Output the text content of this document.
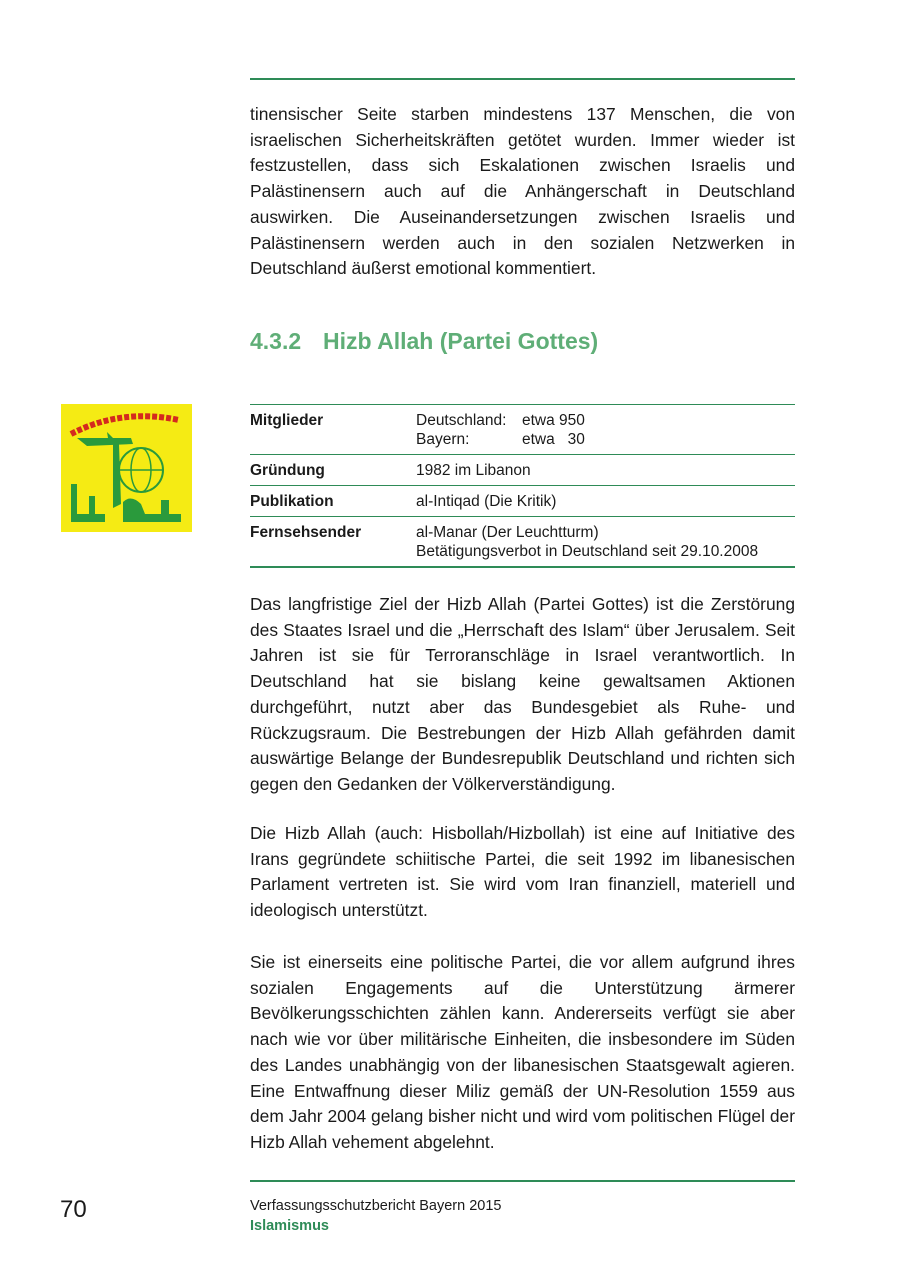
tinensischer Seite starben mindestens 137 Menschen, die von israelischen Sicherheitskräften getötet wurden. Immer wieder ist festzustellen, dass sich Eskalationen zwischen Israelis und Palästinensern auch auf die Anhängerschaft in Deutschland auswirken. Die Auseinandersetzungen zwischen Israelis und Palästinensern werden auch in den sozialen Netzwerken in Deutschland äußerst emotional kommentiert.

4.3.2 Hizb Allah (Partei Gottes)
Mitglieder	Deutschland:	etwa 950
Bayern:	etwa   30
Gründung	1982 im Libanon
Publikation	al-Intiqad (Die Kritik)
Fernsehsender	al-Manar (Der Leuchtturm)
Betätigungsverbot in Deutschland seit 29.10.2008

Das langfristige Ziel der Hizb Allah (Partei Gottes) ist die Zerstörung des Staates Israel und die „Herrschaft des Islam“ über Jerusalem. Seit Jahren ist sie für Terroranschläge in Israel verantwortlich. In Deutschland hat sie bislang keine gewaltsamen Aktionen durchgeführt, nutzt aber das Bundesgebiet als Ruhe- und Rückzugsraum. Die Bestrebungen der Hizb Allah gefährden damit auswärtige Belange der Bundesrepublik Deutschland und richten sich gegen den Gedanken der Völkerverständigung.

Die Hizb Allah (auch: Hisbollah/Hizbollah) ist eine auf Initiative des Irans gegründete schiitische Partei, die seit 1992 im libanesischen Parlament vertreten ist. Sie wird vom Iran finanziell, materiell und ideologisch unterstützt.

Sie ist einerseits eine politische Partei, die vor allem aufgrund ihres sozialen Engagements auf die Unterstützung ärmerer Bevölkerungsschichten zählen kann. Andererseits verfügt sie aber nach wie vor über militärische Einheiten, die insbesondere im Süden des Landes unabhängig von der libanesischen Staatsgewalt agieren. Eine Entwaffnung dieser Miliz gemäß der UN-Resolution 1559 aus dem Jahr 2004 gelang bisher nicht und wird vom politischen Flügel der Hizb Allah vehement abgelehnt.

70	Verfassungsschutzbericht Bayern 2015
Islamismus
